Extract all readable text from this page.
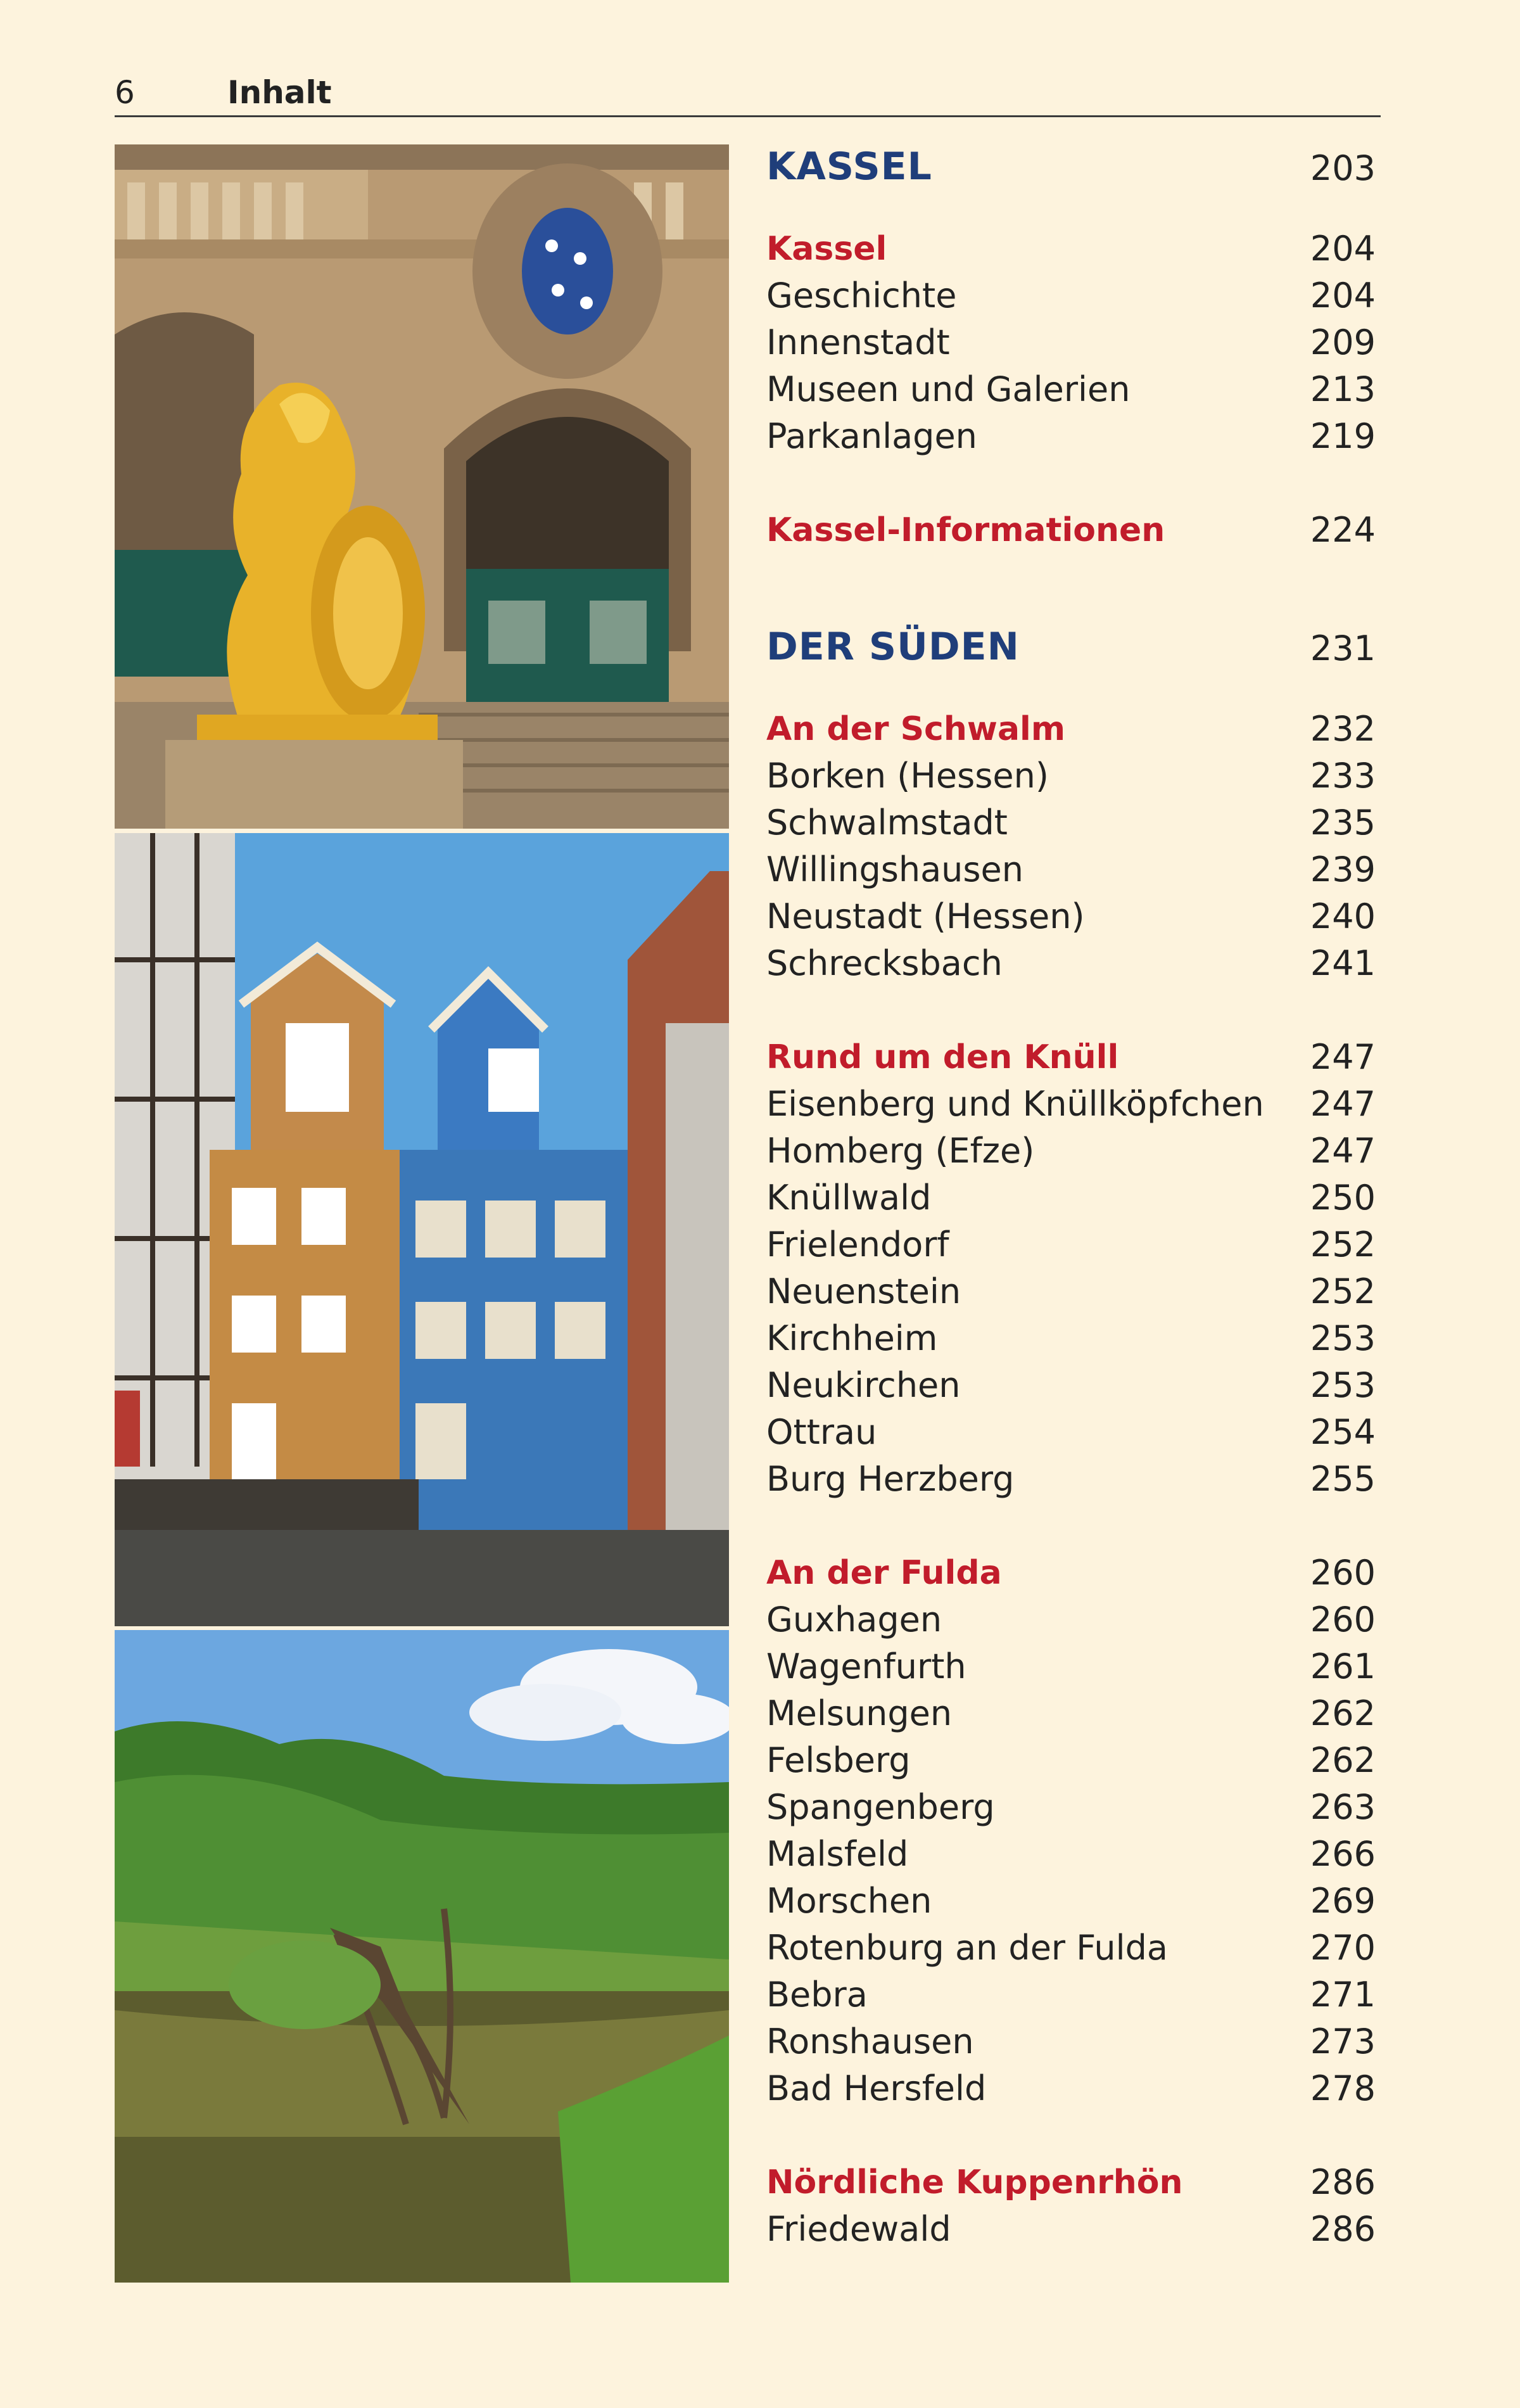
6	Inhalt
KASSEL	203
Kassel	204
Geschichte	204
Innenstadt	209
Museen und Galerien	213
Parkanlagen	219
Kassel-Informationen	224
DER SÜDEN	231
An der Schwalm	232
Borken (Hessen)	233
Schwalmstadt	235
Willingshausen	239
Neustadt (Hessen)	240
Schrecksbach	241
Rund um den Knüll	247
Eisenberg und Knüllköpfchen 247
Homberg (Efze)	247
Knüllwald	250
Frielendorf	252
Neuenstein	252
Kirchheim	253
Neukirchen	253
Ottrau	254
Burg Herzberg	255
An der Fulda	260
Guxhagen	260
Wagenfurth	261
Melsungen	262
Felsberg	262
Spangenberg	263
Malsfeld	266
Morschen	269
Rotenburg an der Fulda	270
Bebra	271
Ronshausen	273
Bad Hersfeld	278
Nördliche Kuppenrhön	286
Friedewald	286
